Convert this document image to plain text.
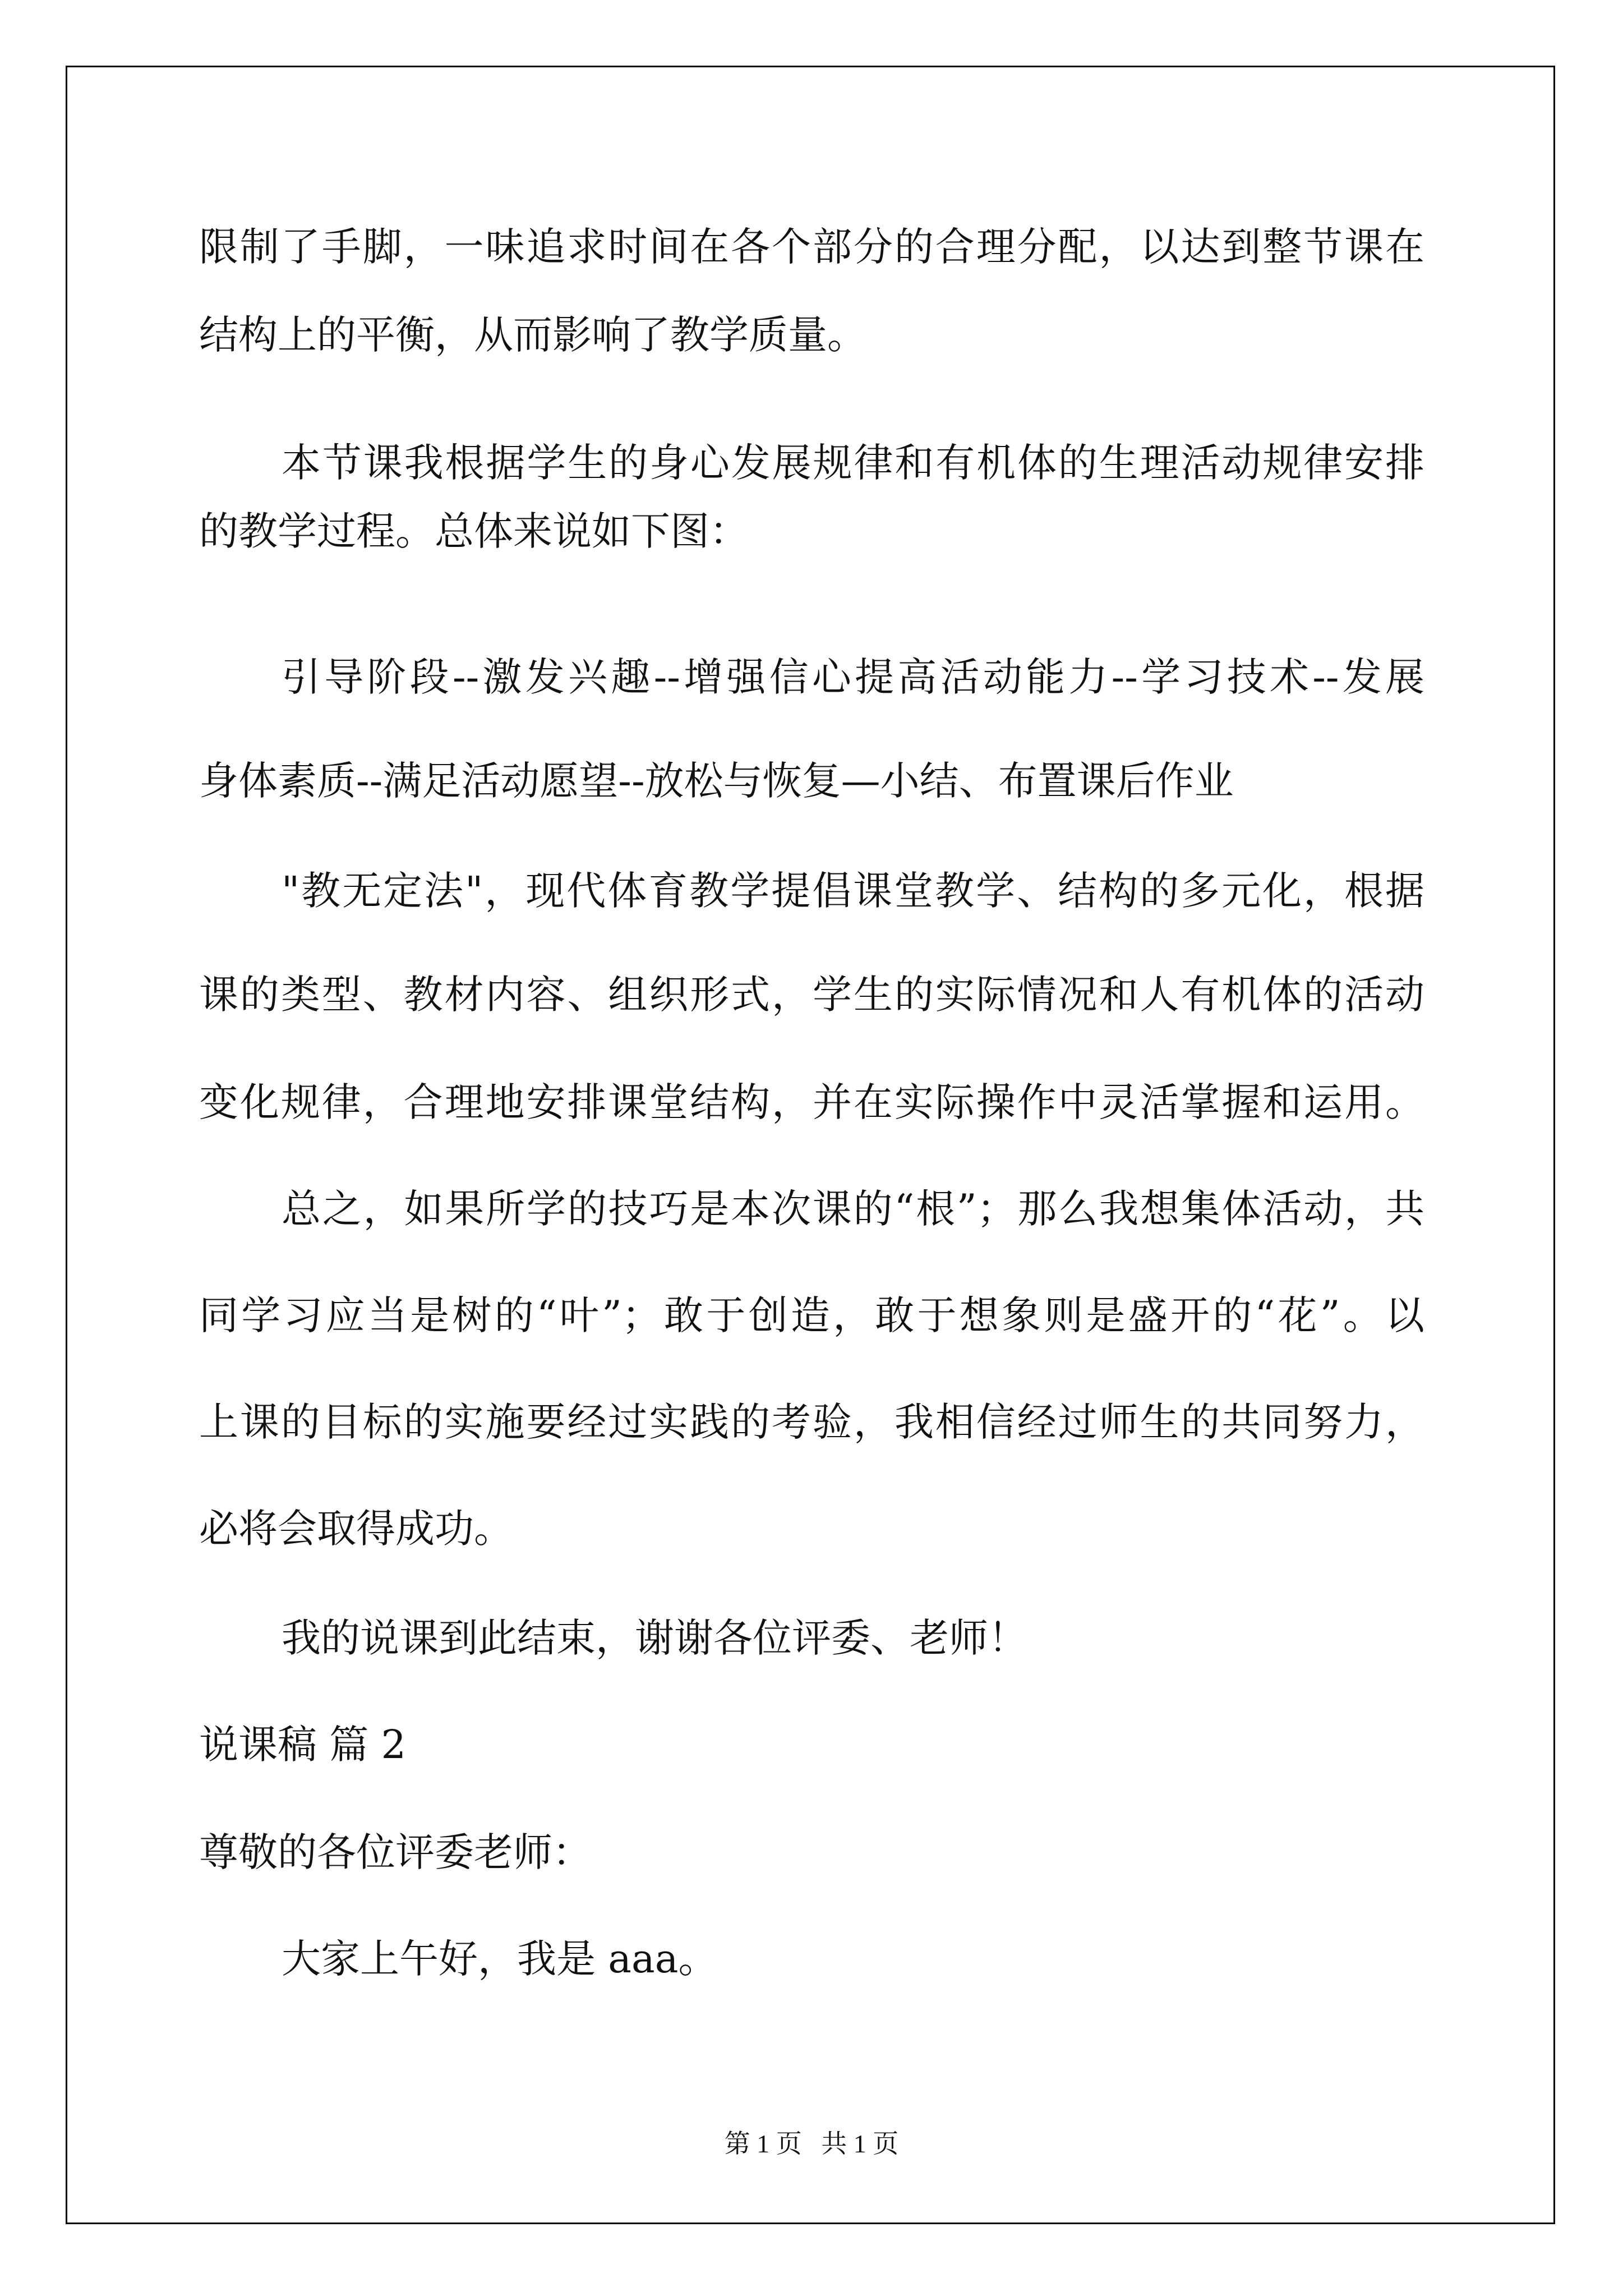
限制了手脚，一味追求时间在各个部分的合理分配，以达到整节课在
结构上的平衡，从而影响了教学质量。
本节课我根据学生的身心发展规律和有机体的生理活动规律安排
的教学过程。总体来说如下图：
引导阶段--激发兴趣--增强信心提高活动能力--学习技术--发展
身体素质--满足活动愿望--放松与恢复—小结、布置课后作业
"教无定法"，现代体育教学提倡课堂教学、结构的多元化，根据
课的类型、教材内容、组织形式，学生的实际情况和人有机体的活动
变化规律，合理地安排课堂结构，并在实际操作中灵活掌握和运用。
总之，如果所学的技巧是本次课的“根”；那么我想集体活动，共
同学习应当是树的“叶”；敢于创造，敢于想象则是盛开的“花”。以
上课的目标的实施要经过实践的考验，我相信经过师生的共同努力，
必将会取得成功。
我的说课到此结束，谢谢各位评委、老师！
说课稿 篇 2
尊敬的各位评委老师：
大家上午好，我是 aaa。
第 1 页   共 1 页
